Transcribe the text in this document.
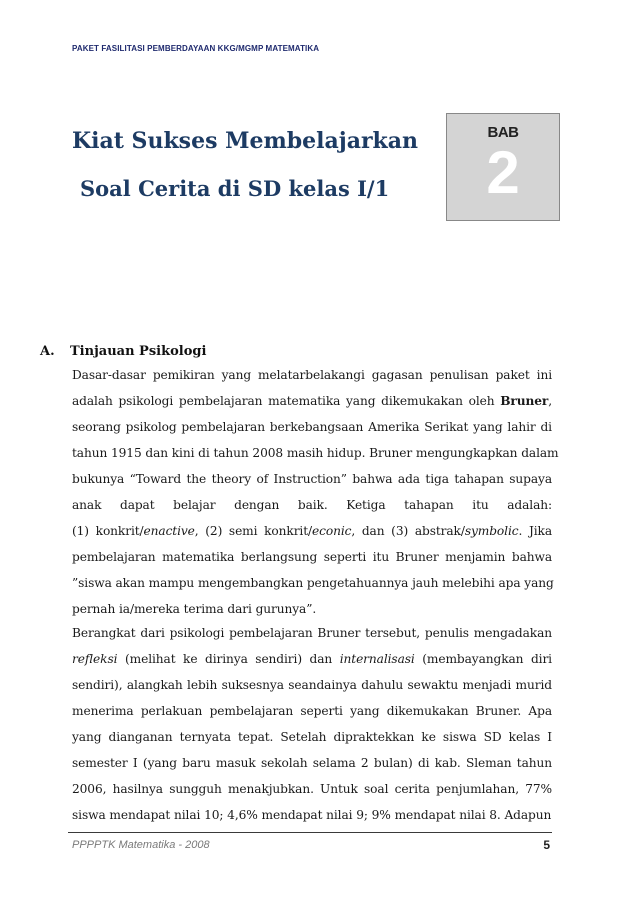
PAKET FASILITASI PEMBERDAYAAN KKG/MGMP MATEMATIKA
Kiat Sukses Membelajarkan
Soal Cerita di SD kelas I/1
BAB
2
A. Tinjauan Psikologi
Dasar-dasar pemikiran yang melatarbelakangi gagasan penulisan paket ini
adalah psikologi pembelajaran matematika yang dikemukakan oleh Bruner,
seorang psikolog pembelajaran berkebangsaan Amerika Serikat yang lahir di
tahun 1915 dan kini di tahun 2008 masih hidup. Bruner mengungkapkan dalam
bukunya “Toward the theory of Instruction” bahwa ada tiga tahapan supaya
anak dapat belajar dengan baik. Ketiga tahapan itu adalah:
(1) konkrit/enactive, (2) semi konkrit/econic, dan (3) abstrak/symbolic. Jika
pembelajaran matematika berlangsung seperti itu Bruner menjamin bahwa
”siswa akan mampu mengembangkan pengetahuannya jauh melebihi apa yang
pernah ia/mereka terima dari gurunya”.
Berangkat dari psikologi pembelajaran Bruner tersebut, penulis mengadakan
refleksi (melihat ke dirinya sendiri) dan internalisasi (membayangkan diri
sendiri), alangkah lebih suksesnya seandainya dahulu sewaktu menjadi murid
menerima perlakuan pembelajaran seperti yang dikemukakan Bruner. Apa
yang dianganan ternyata tepat. Setelah dipraktekkan ke siswa SD kelas I
semester I (yang baru masuk sekolah selama 2 bulan) di kab. Sleman tahun
2006, hasilnya sungguh menakjubkan. Untuk soal cerita penjumlahan, 77%
siswa mendapat nilai 10; 4,6% mendapat nilai 9; 9% mendapat nilai 8. Adapun
PPPPTK Matematika - 2008	5
